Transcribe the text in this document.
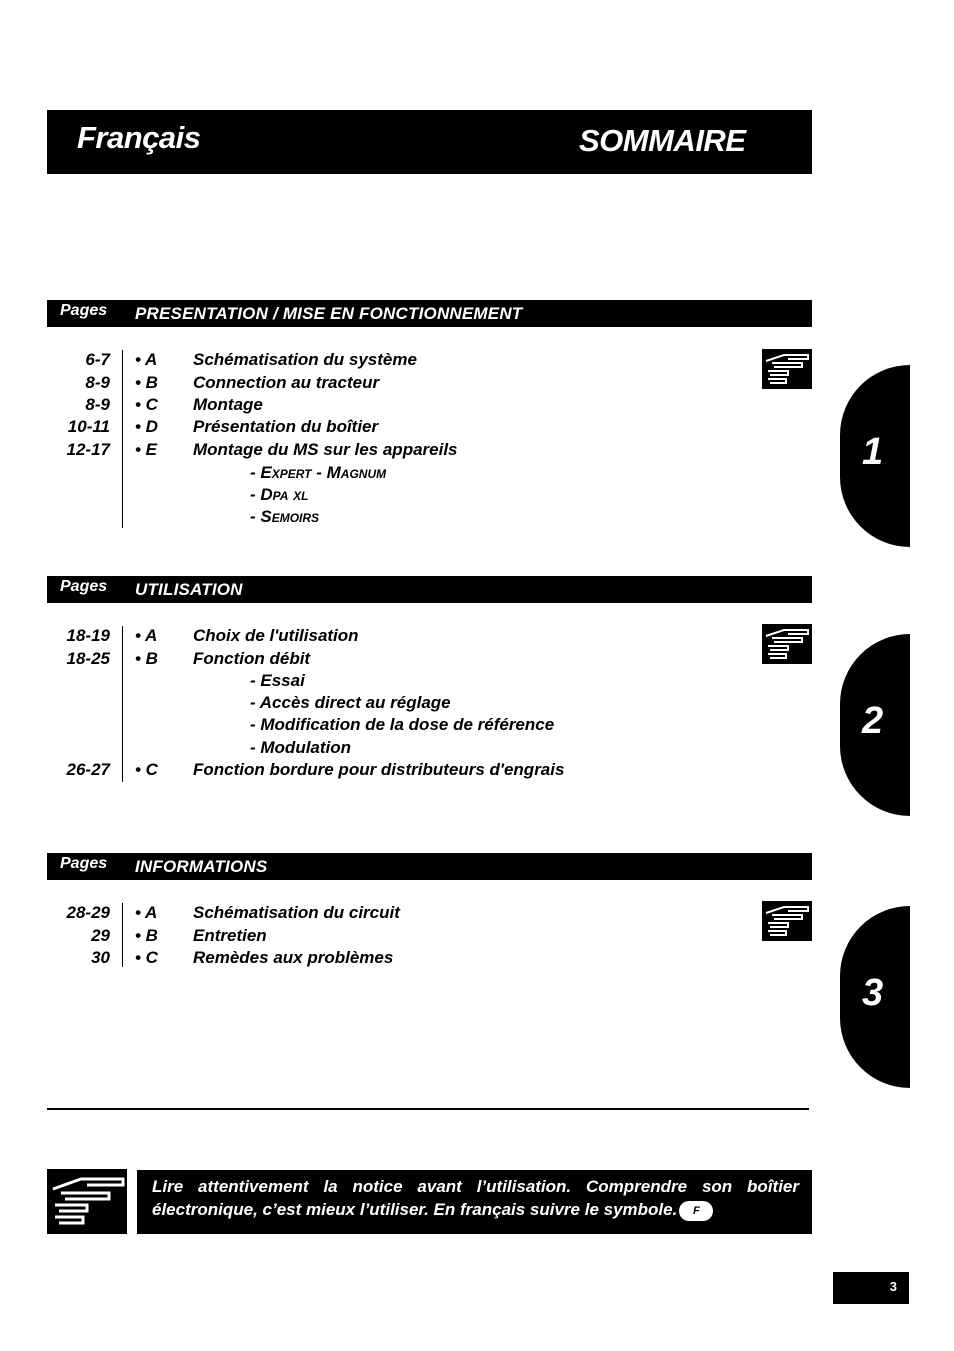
Français	SOMMAIRE
Pages PRESENTATION / MISE EN FONCTIONNEMENT
6-7 • A Schématisation du système
8-9 • B Connection au tracteur
8-9 • C Montage
10-11 • D Présentation du boîtier
12-17 • E Montage du MS sur les appareils
- Expert - Magnum
- Dpa xl
- Semoirs
Pages UTILISATION
18-19 • A Choix de l'utilisation
18-25 • B Fonction débit
- Essai
- Accès direct au réglage
- Modification de la dose de référence
- Modulation
26-27 • C Fonction bordure pour distributeurs d'engrais
Pages INFORMATIONS
28-29 • A Schématisation du circuit
29 • B Entretien
30 • C Remèdes aux problèmes
1
2
3
Lire attentivement la notice avant l’utilisation. Comprendre son boîtier
électronique, c’est mieux l’utiliser. En français suivre le symbole. F
3
